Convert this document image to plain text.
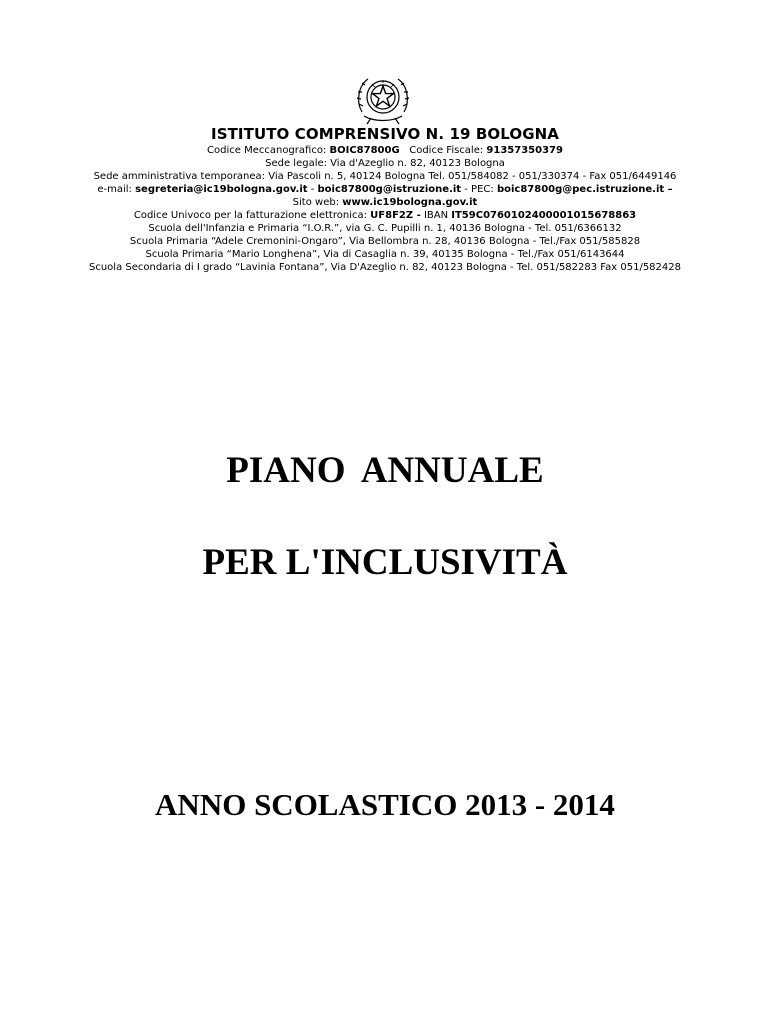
ISTITUTO COMPRENSIVO N. 19 BOLOGNA

Codice Meccanografico: BOIC87800G Codice Fiscale: 91357350379

Sede legale: Via d'Azeglio n. 82, 40123 Bologna

Sede amministrativa temporanea: Via Pascoli n. 5, 40124 Bologna Tel. 051/584082 - 051/330374 - Fax 051/6449146

e-mail: segreteria@ic19bologna.gov.it - boic87800g@istruzione.it - PEC: boic87800g@pec.istruzione.it –

Sito web: www.ic19bologna.gov.it

Codice Univoco per la fatturazione elettronica: UF8F2Z - IBAN IT59C0760102400001015678863

Scuola dell'Infanzia e Primaria “I.O.R.”, via G. C. Pupilli n. 1, 40136 Bologna - Tel. 051/6366132

Scuola Primaria “Adele Cremonini-Ongaro”, Via Bellombra n. 28, 40136 Bologna - Tel./Fax 051/585828

Scuola Primaria “Mario Longhena”, Via di Casaglia n. 39, 40135 Bologna - Tel./Fax 051/6143644

Scuola Secondaria di I grado “Lavinia Fontana”, Via D'Azeglio n. 82, 40123 Bologna - Tel. 051/582283 Fax 051/582428

PIANO ANNUALE

PER L'INCLUSIVITÀ

ANNO SCOLASTICO 2013 - 2014
